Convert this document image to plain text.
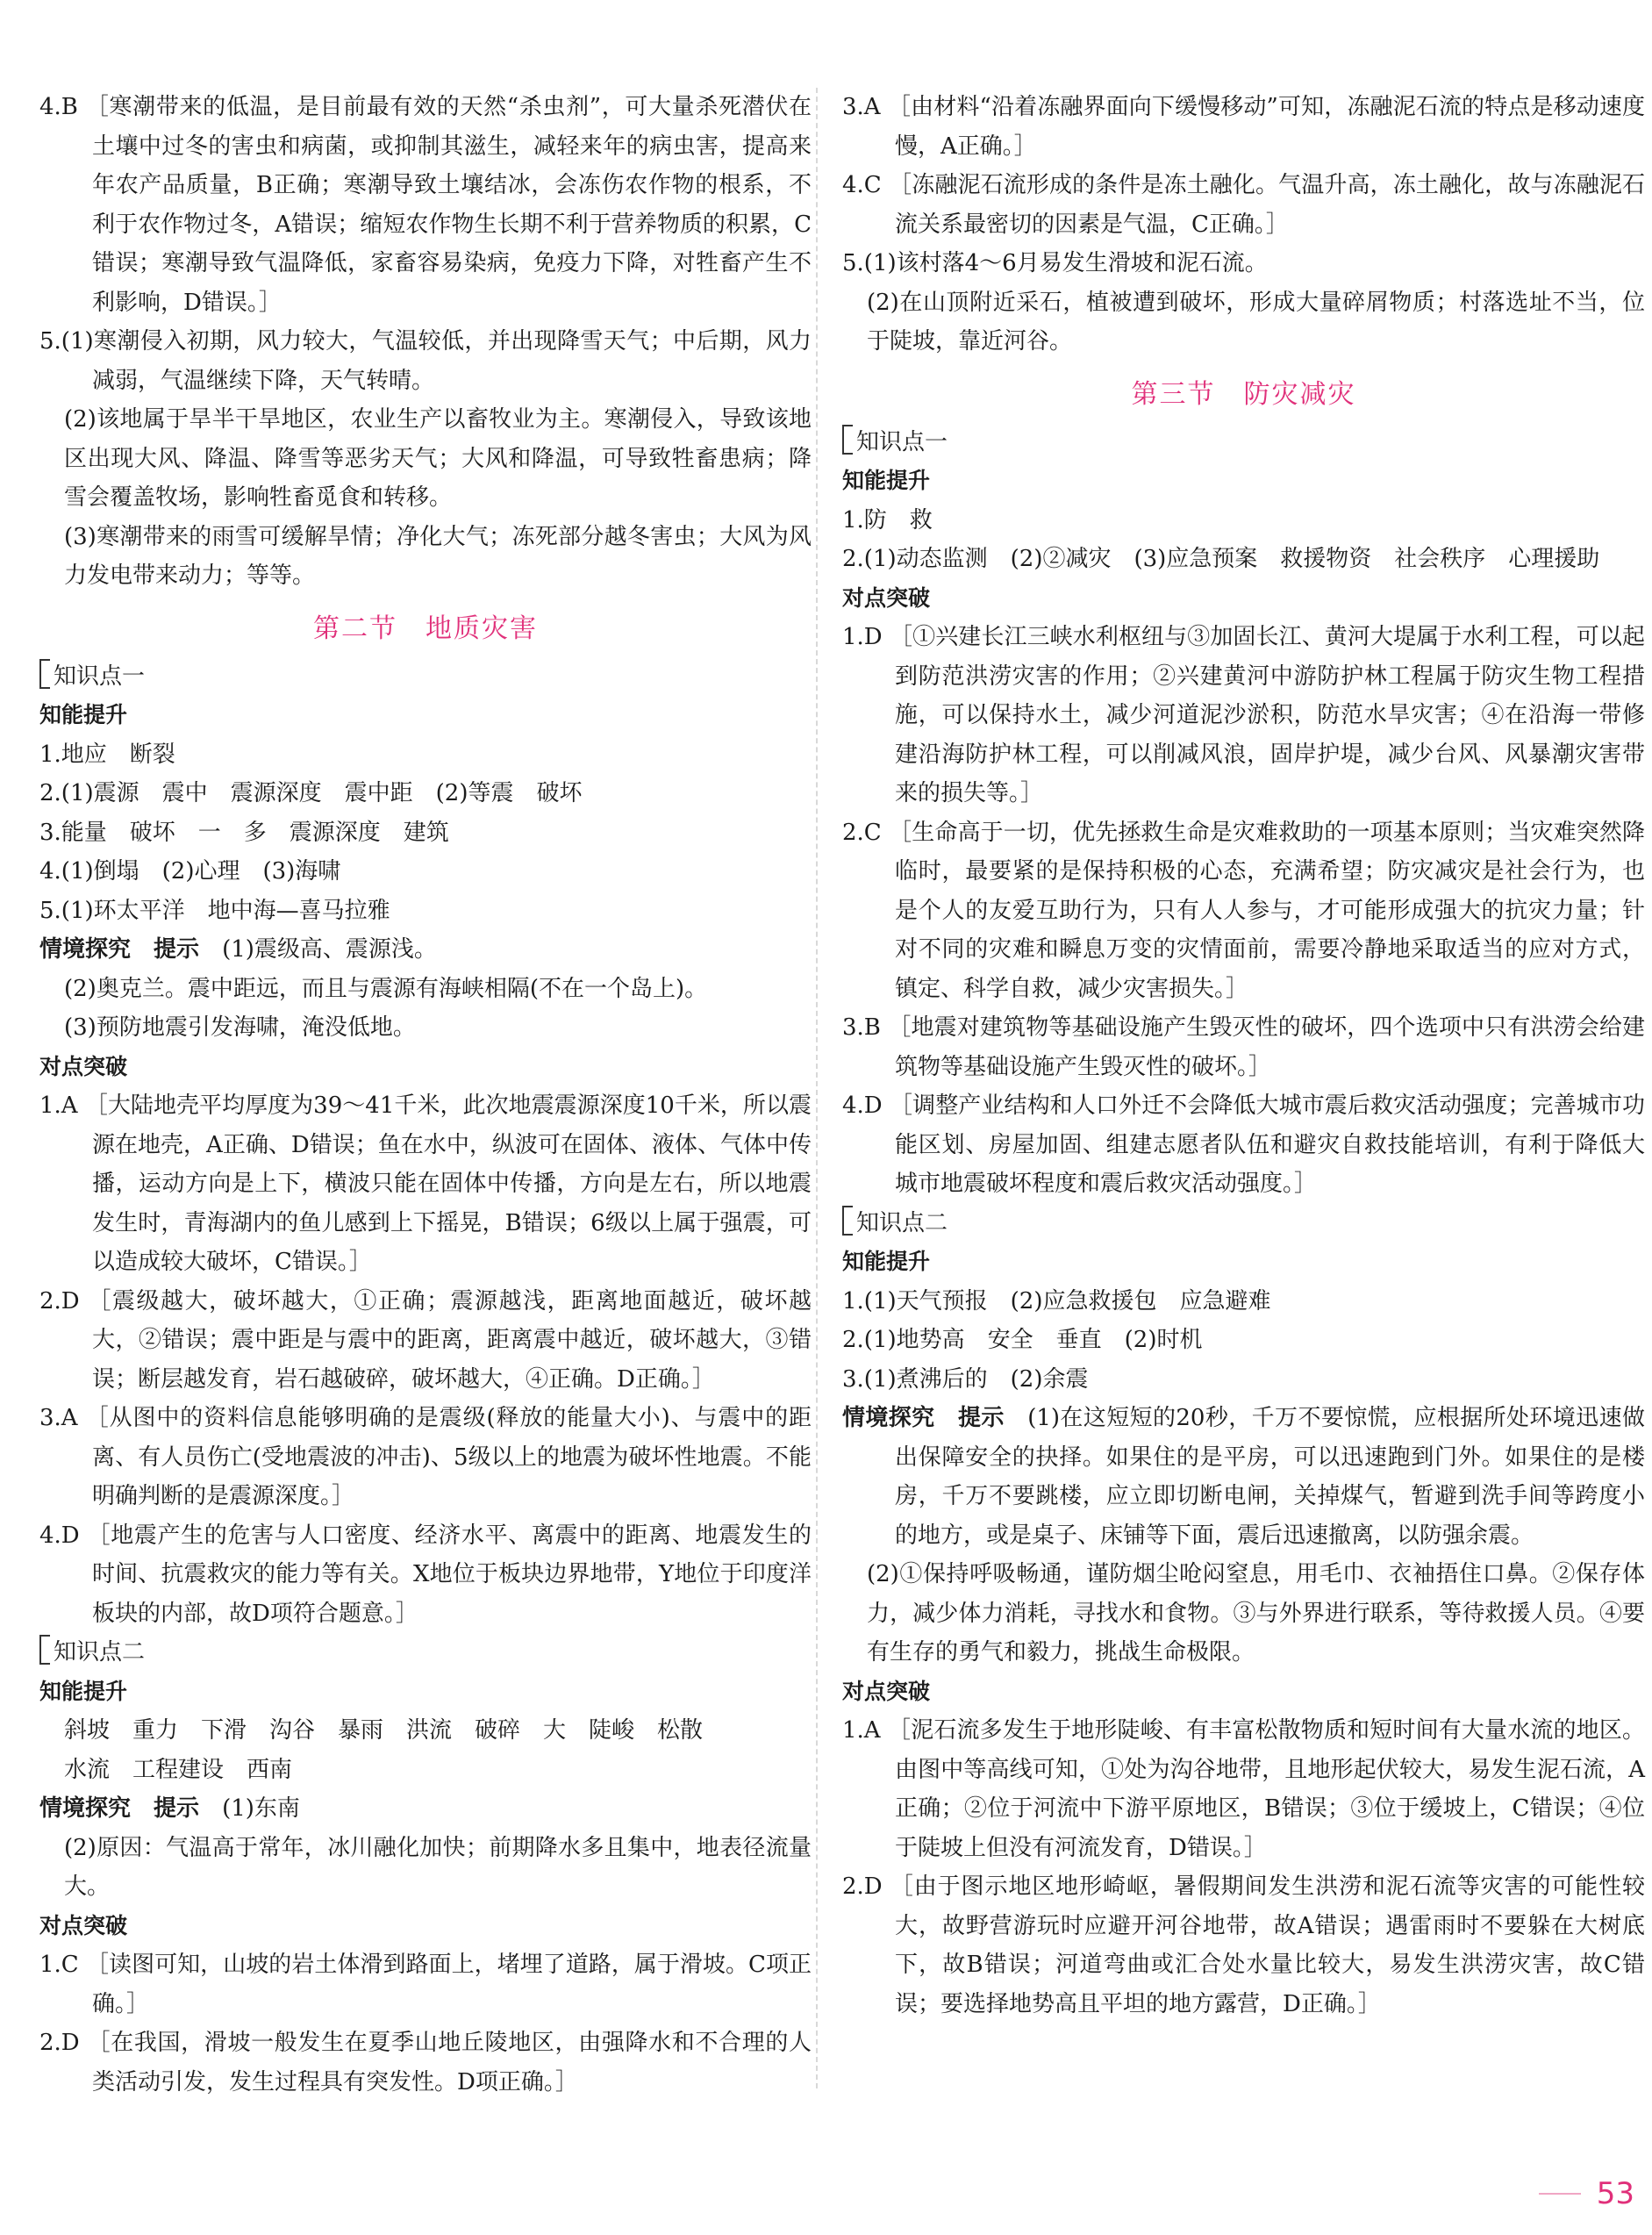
4.B ［寒潮带来的低温，是目前最有效的天然“杀虫剂”，可大量杀死潜伏在土壤中过冬的害虫和病菌，或抑制其滋生，减轻来年的病虫害，提高来年农产品质量，B正确；寒潮导致土壤结冰，会冻伤农作物的根系，不利于农作物过冬，A错误；缩短农作物生长期不利于营养物质的积累，C错误；寒潮导致气温降低，家畜容易染病，免疫力下降，对牲畜产生不利影响，D错误。］

5.(1)寒潮侵入初期，风力较大，气温较低，并出现降雪天气；中后期，风力减弱，气温继续下降，天气转晴。

(2)该地属于旱半干旱地区，农业生产以畜牧业为主。寒潮侵入，导致该地区出现大风、降温、降雪等恶劣天气；大风和降温，可导致牲畜患病；降雪会覆盖牧场，影响牲畜觅食和转移。

(3)寒潮带来的雨雪可缓解旱情；净化大气；冻死部分越冬害虫；大风为风力发电带来动力；等等。

第二节　地质灾害

知识点一

知能提升

1.地应　断裂

2.(1)震源　震中　震源深度　震中距　(2)等震　破坏

3.能量　破坏　一　多　震源深度　建筑

4.(1)倒塌　(2)心理　(3)海啸

5.(1)环太平洋　地中海—喜马拉雅

情境探究　 提示　 (1)震级高、震源浅。

(2)奥克兰。震中距远，而且与震源有海峡相隔(不在一个岛上)。

(3)预防地震引发海啸，淹没低地。

对点突破

1.A ［大陆地壳平均厚度为39～41千米，此次地震震源深度10千米，所以震源在地壳，A正确、D错误；鱼在水中，纵波可在固体、液体、气体中传播，运动方向是上下，横波只能在固体中传播，方向是左右，所以地震发生时，青海湖内的鱼儿感到上下摇晃，B错误；6级以上属于强震，可以造成较大破坏，C错误。］

2.D ［震级越大，破坏越大，①正确；震源越浅，距离地面越近，破坏越大，②错误；震中距是与震中的距离，距离震中越近，破坏越大，③错误；断层越发育，岩石越破碎，破坏越大，④正确。D正确。］

3.A ［从图中的资料信息能够明确的是震级(释放的能量大小)、与震中的距离、有人员伤亡(受地震波的冲击)、5级以上的地震为破坏性地震。不能明确判断的是震源深度。］

4.D ［地震产生的危害与人口密度、经济水平、离震中的距离、地震发生的时间、抗震救灾的能力等有关。X地位于板块边界地带，Y地位于印度洋板块的内部，故D项符合题意。］

知识点二

知能提升

斜坡　重力　下滑　沟谷　暴雨　洪流　破碎　大　陡峻　松散

水流　工程建设　西南

情境探究　 提示　 (1)东南

(2)原因：气温高于常年，冰川融化加快；前期降水多且集中，地表径流量大。

对点突破

1.C ［读图可知，山坡的岩土体滑到路面上，堵埋了道路，属于滑坡。C项正确。］

2.D ［在我国，滑坡一般发生在夏季山地丘陵地区，由强降水和不合理的人类活动引发，发生过程具有突发性。D项正确。］

3.A ［由材料“沿着冻融界面向下缓慢移动”可知，冻融泥石流的特点是移动速度慢，A正确。］

4.C ［冻融泥石流形成的条件是冻土融化。气温升高，冻土融化，故与冻融泥石流关系最密切的因素是气温，C正确。］

5.(1)该村落4～6月易发生滑坡和泥石流。

(2)在山顶附近采石，植被遭到破坏，形成大量碎屑物质；村落选址不当，位于陡坡，靠近河谷。

第三节　防灾减灾

知识点一

知能提升

1.防　救

2.(1)动态监测　(2)②减灾　(3)应急预案　救援物资　社会秩序　心理援助

对点突破

1.D ［①兴建长江三峡水利枢纽与③加固长江、黄河大堤属于水利工程，可以起到防范洪涝灾害的作用；②兴建黄河中游防护林工程属于防灾生物工程措施，可以保持水土，减少河道泥沙淤积，防范水旱灾害；④在沿海一带修建沿海防护林工程，可以削减风浪，固岸护堤，减少台风、风暴潮灾害带来的损失等。］

2.C ［生命高于一切，优先拯救生命是灾难救助的一项基本原则；当灾难突然降临时，最要紧的是保持积极的心态，充满希望；防灾减灾是社会行为，也是个人的友爱互助行为，只有人人参与，才可能形成强大的抗灾力量；针对不同的灾难和瞬息万变的灾情面前，需要冷静地采取适当的应对方式，镇定、科学自救，减少灾害损失。］

3.B ［地震对建筑物等基础设施产生毁灭性的破坏，四个选项中只有洪涝会给建筑物等基础设施产生毁灭性的破坏。］

4.D ［调整产业结构和人口外迁不会降低大城市震后救灾活动强度；完善城市功能区划、房屋加固、组建志愿者队伍和避灾自救技能培训，有利于降低大城市地震破坏程度和震后救灾活动强度。］

知识点二

知能提升

1.(1)天气预报　(2)应急救援包　应急避难

2.(1)地势高　安全　垂直　(2)时机

3.(1)煮沸后的　(2)余震

情境探究　 提示　 (1)在这短短的20秒，千万不要惊慌，应根据所处环境迅速做出保障安全的抉择。如果住的是平房，可以迅速跑到门外。如果住的是楼房，千万不要跳楼，应立即切断电闸，关掉煤气，暂避到洗手间等跨度小的地方，或是桌子、床铺等下面，震后迅速撤离，以防强余震。

(2)①保持呼吸畅通，谨防烟尘呛闷窒息，用毛巾、衣袖捂住口鼻。②保存体力，减少体力消耗，寻找水和食物。③与外界进行联系，等待救援人员。④要有生存的勇气和毅力，挑战生命极限。

对点突破

1.A ［泥石流多发生于地形陡峻、有丰富松散物质和短时间有大量水流的地区。由图中等高线可知，①处为沟谷地带，且地形起伏较大，易发生泥石流，A正确；②位于河流中下游平原地区，B错误；③位于缓坡上，C错误；④位于陡坡上但没有河流发育，D错误。］

2.D ［由于图示地区地形崎岖，暑假期间发生洪涝和泥石流等灾害的可能性较大，故野营游玩时应避开河谷地带，故A错误；遇雷雨时不要躲在大树底下，故B错误；河道弯曲或汇合处水量比较大，易发生洪涝灾害，故C错误；要选择地势高且平坦的地方露营，D正确。］

53
